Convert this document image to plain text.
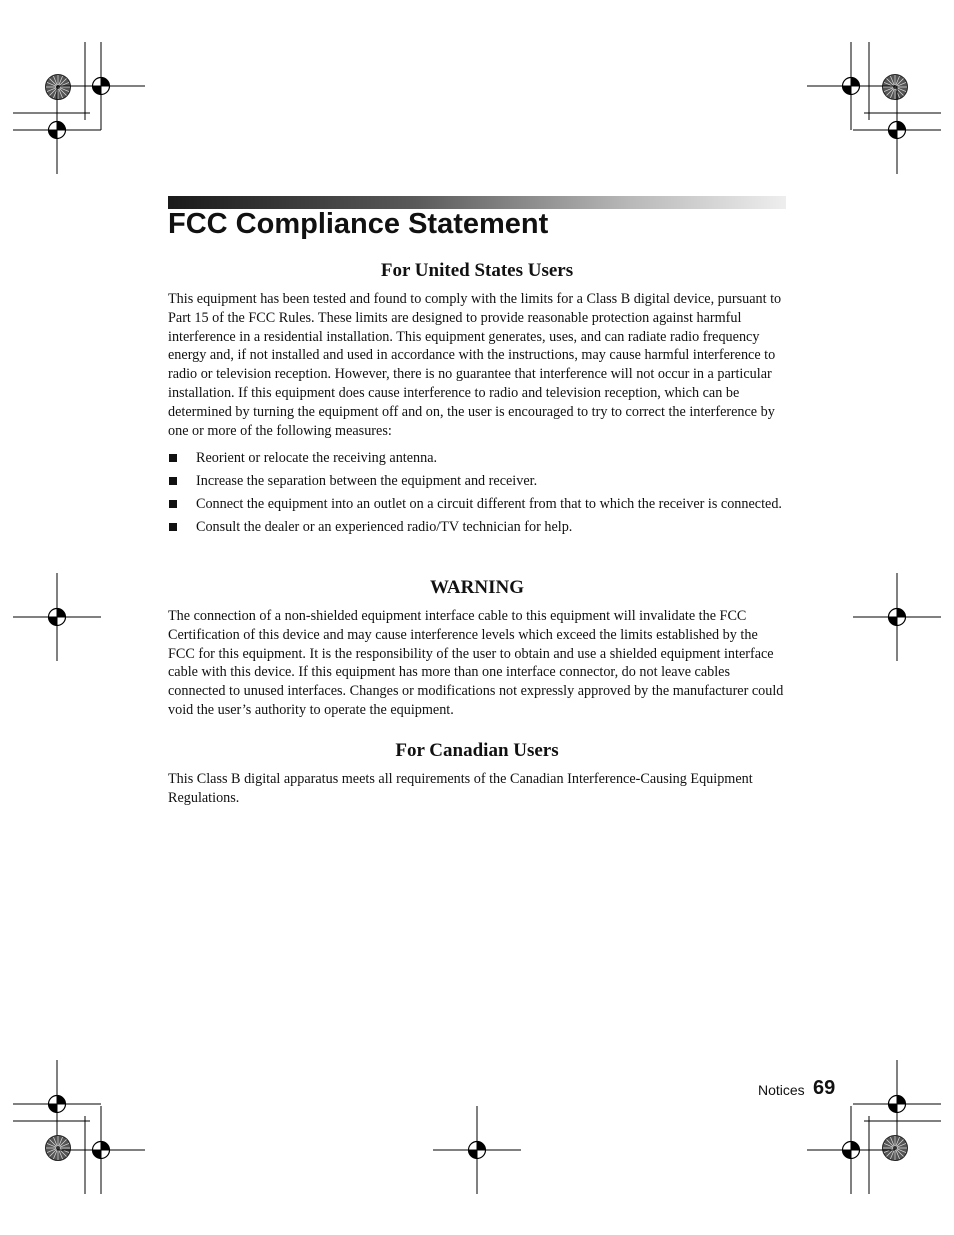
FCC Compliance Statement
For United States Users

This equipment has been tested and found to comply with the limits for a Class B digital device, pursuant to Part 15 of the FCC Rules. These limits are designed to provide reasonable protection against harmful interference in a residential installation. This equipment generates, uses, and can radiate radio frequency energy and, if not installed and used in accordance with the instructions, may cause harmful interference to radio or television reception. However, there is no guarantee that interference will not occur in a particular installation. If this equipment does cause interference to radio and television reception, which can be determined by turning the equipment off and on, the user is encouraged to try to correct the interference by one or more of the following measures:

Reorient or relocate the receiving antenna.
Increase the separation between the equipment and receiver.
Connect the equipment into an outlet on a circuit different from that to which the receiver is connected.
Consult the dealer or an experienced radio/TV technician for help.
WARNING

The connection of a non-shielded equipment interface cable to this equipment will invalidate the FCC Certification of this device and may cause interference levels which exceed the limits established by the FCC for this equipment. It is the responsibility of the user to obtain and use a shielded equipment interface cable with this device. If this equipment has more than one interface connector, do not leave cables connected to unused interfaces. Changes or modifications not expressly approved by the manufacturer could void the user’s authority to operate the equipment.

For Canadian Users

This Class B digital apparatus meets all requirements of the Canadian Interference-Causing Equipment Regulations.

Notices 69
